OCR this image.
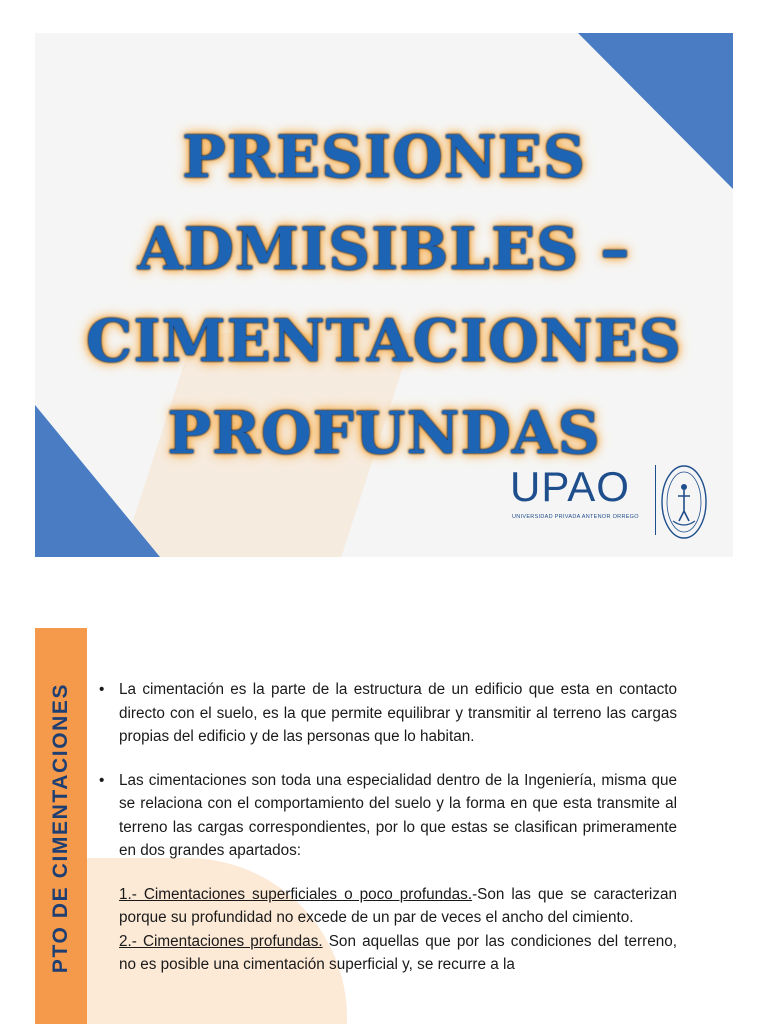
PRESIONES
ADMISIBLES –
CIMENTACIONES
PROFUNDAS
UPAO
UNIVERSIDAD PRIVADA ANTENOR ORREGO
PTO DE CIMENTACIONES
•	La cimentación es la parte de la estructura de un edificio que esta en contacto directo con el suelo, es la que permite equilibrar y transmitir al terreno las cargas propias del edificio y de las personas que lo habitan.
• Las cimentaciones son toda una especialidad dentro de la Ingeniería, misma que se relaciona con el comportamiento del suelo y la forma en que esta transmite al terreno las cargas correspondientes, por lo que estas se clasifican primeramente en dos grandes apartados:
1.- Cimentaciones superficiales o poco profundas.-Son las que se caracterizan porque su profundidad no excede de un par de veces el ancho del cimiento.
2.- Cimentaciones profundas. Son aquellas que por las condiciones del terreno, no es posible una cimentación superficial y, se recurre a la
